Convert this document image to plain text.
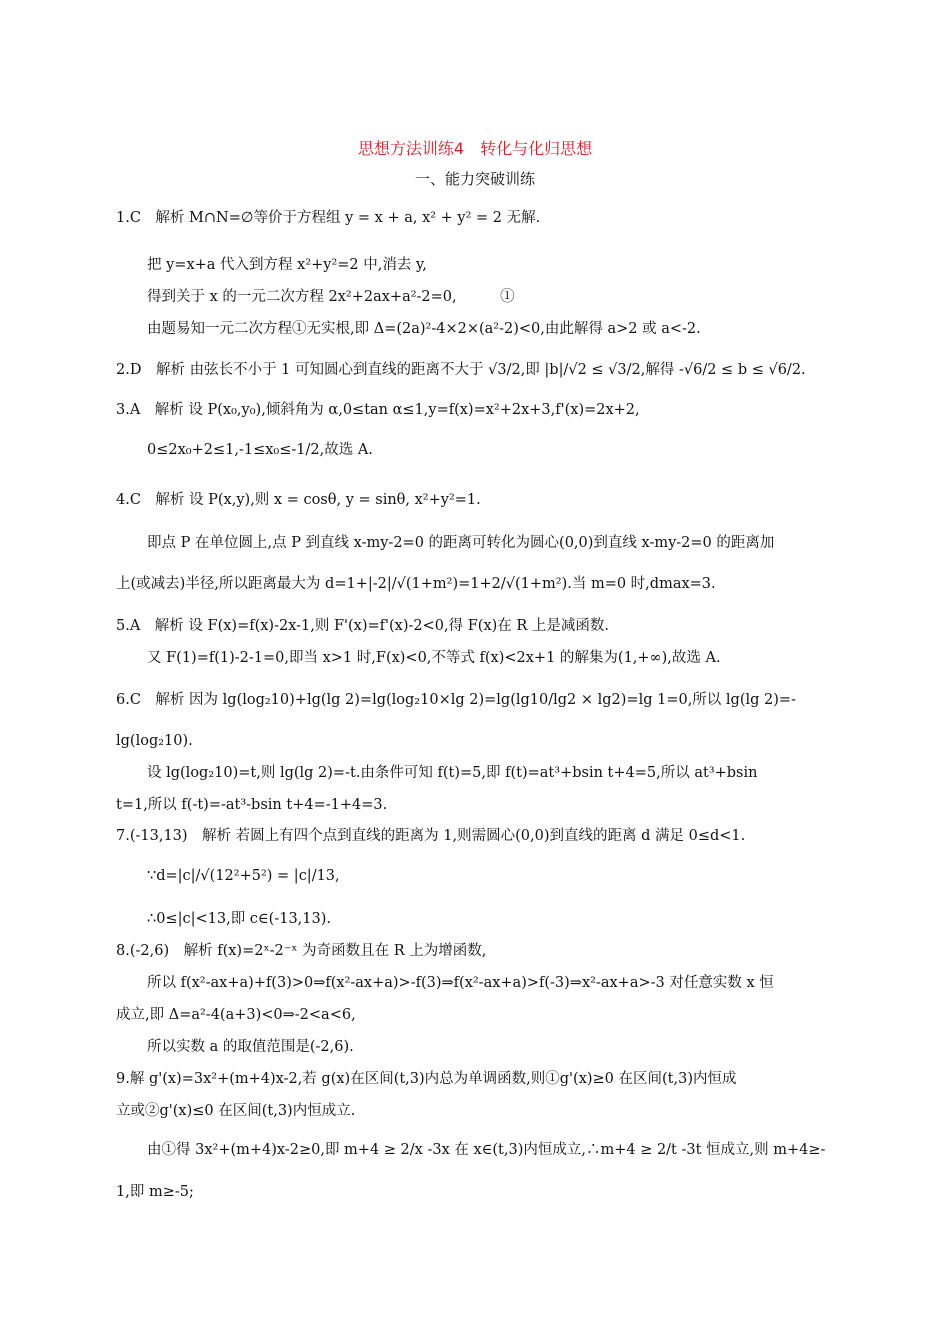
思想方法训练4　转化与化归思想
一、能力突破训练
1.C　解析 M∩N=∅等价于方程组 y = x + a, x² + y² = 2 无解.
把 y=x+a 代入到方程 x²+y²=2 中,消去 y,
得到关于 x 的一元二次方程 2x²+2ax+a²-2=0,　　　①
由题易知一元二次方程①无实根,即 Δ=(2a)²-4×2×(a²-2)<0,由此解得 a>2 或 a<-2.
2.D　解析 由弦长不小于 1 可知圆心到直线的距离不大于 √3/2,即 |b|/√2 ≤ √3/2,解得 -√6/2 ≤ b ≤ √6/2.
3.A　解析 设 P(x₀,y₀),倾斜角为 α,0≤tan α≤1,y=f(x)=x²+2x+3,f'(x)=2x+2,
0≤2x₀+2≤1,-1≤x₀≤-1/2,故选 A.
4.C　解析 设 P(x,y),则 x = cosθ, y = sinθ, x²+y²=1.
即点 P 在单位圆上,点 P 到直线 x-my-2=0 的距离可转化为圆心(0,0)到直线 x-my-2=0 的距离加
上(或减去)半径,所以距离最大为 d=1+|-2|/√(1+m²)=1+2/√(1+m²).当 m=0 时,dmax=3.
5.A　解析 设 F(x)=f(x)-2x-1,则 F'(x)=f'(x)-2<0,得 F(x)在 R 上是减函数.
又 F(1)=f(1)-2-1=0,即当 x>1 时,F(x)<0,不等式 f(x)<2x+1 的解集为(1,+∞),故选 A.
6.C　解析 因为 lg(log₂10)+lg(lg 2)=lg(log₂10×lg 2)=lg(lg10/lg2 × lg2)=lg 1=0,所以 lg(lg 2)=-
lg(log₂10).
设 lg(log₂10)=t,则 lg(lg 2)=-t.由条件可知 f(t)=5,即 f(t)=at³+bsin t+4=5,所以 at³+bsin
t=1,所以 f(-t)=-at³-bsin t+4=-1+4=3.
7.(-13,13)　解析 若圆上有四个点到直线的距离为 1,则需圆心(0,0)到直线的距离 d 满足 0≤d<1.
∵d=|c|/√(12²+5²) = |c|/13,
∴0≤|c|<13,即 c∈(-13,13).
8.(-2,6)　解析 f(x)=2ˣ-2⁻ˣ 为奇函数且在 R 上为增函数,
所以 f(x²-ax+a)+f(3)>0⇒f(x²-ax+a)>-f(3)⇒f(x²-ax+a)>f(-3)⇒x²-ax+a>-3 对任意实数 x 恒
成立,即 Δ=a²-4(a+3)<0⇒-2<a<6,
所以实数 a 的取值范围是(-2,6).
9.解 g'(x)=3x²+(m+4)x-2,若 g(x)在区间(t,3)内总为单调函数,则①g'(x)≥0 在区间(t,3)内恒成
立或②g'(x)≤0 在区间(t,3)内恒成立.
由①得 3x²+(m+4)x-2≥0,即 m+4 ≥ 2/x -3x 在 x∈(t,3)内恒成立,∴m+4 ≥ 2/t -3t 恒成立,则 m+4≥-
1,即 m≥-5;
